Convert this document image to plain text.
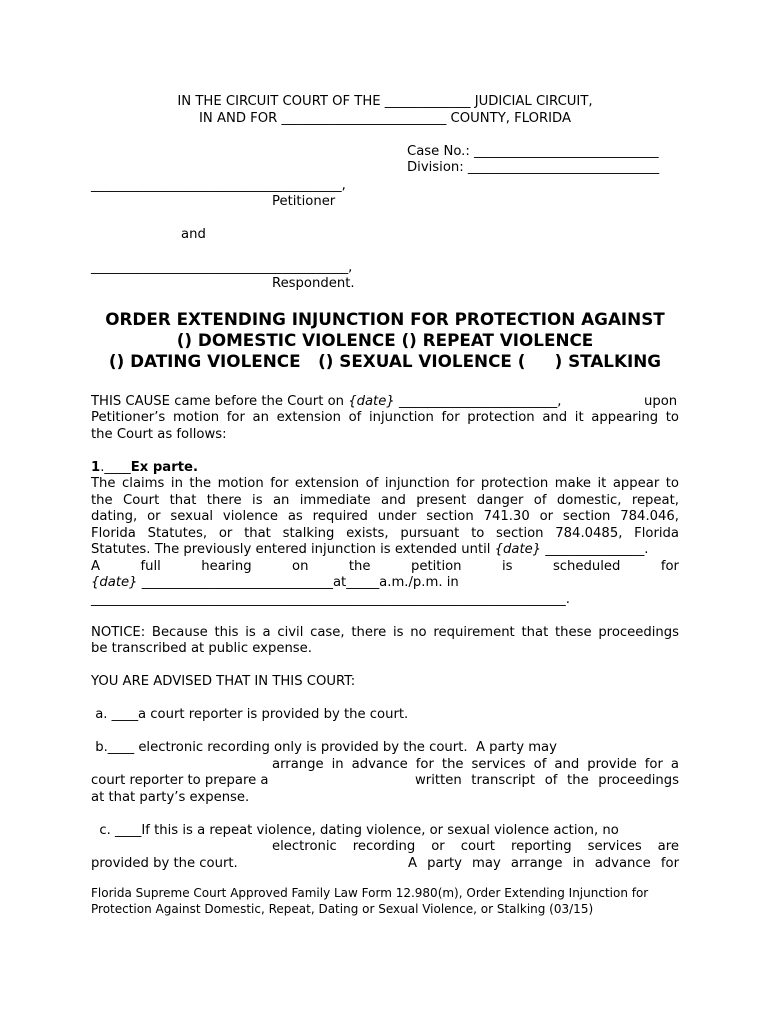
IN THE CIRCUIT COURT OF THE _____________ JUDICIAL CIRCUIT,
IN AND FOR _________________________ COUNTY, FLORIDA
Case No.: ____________________________
Division: _____________________________
______________________________________,
Petitioner
and
_______________________________________,
Respondent.
ORDER EXTENDING INJUNCTION FOR PROTECTION AGAINST
() DOMESTIC VIOLENCE () REPEAT VIOLENCE
() DATING VIOLENCE   () SEXUAL VIOLENCE (     ) STALKING
THIS CAUSE came before the Court on {date} ________________________,	upon
Petitioner’s motion for an extension of injunction for protection and it appearing to
the Court as follows:
1.____Ex parte.
The claims in the motion for extension of injunction for protection make it appear to
the Court that there is an immediate and present danger of domestic, repeat,
dating, or sexual violence as required under section 741.30 or section 784.046,
Florida Statutes, or that stalking exists, pursuant to section 784.0485, Florida
Statutes. The previously entered injunction is extended until {date} _______________.
A	full	hearing	on	the	petition	is	scheduled	for
{date} _____________________________at_____a.m./p.m. in
________________________________________________________________________.
NOTICE: Because this is a civil case, there is no requirement that these proceedings
be transcribed at public expense.
YOU ARE ADVISED THAT IN THIS COURT:
a. ____a court reporter is provided by the court.
b.____ electronic recording only is provided by the court.  A party may
arrange in advance for the services of and provide for a
court reporter to prepare a	written transcript of the proceedings
at that party’s expense.
c. ____If this is a repeat violence, dating violence, or sexual violence action, no
electronic recording or court reporting services are
provided by the court.	A party may arrange in advance for
Florida Supreme Court Approved Family Law Form 12.980(m), Order Extending Injunction for
Protection Against Domestic, Repeat, Dating or Sexual Violence, or Stalking (03/15)
